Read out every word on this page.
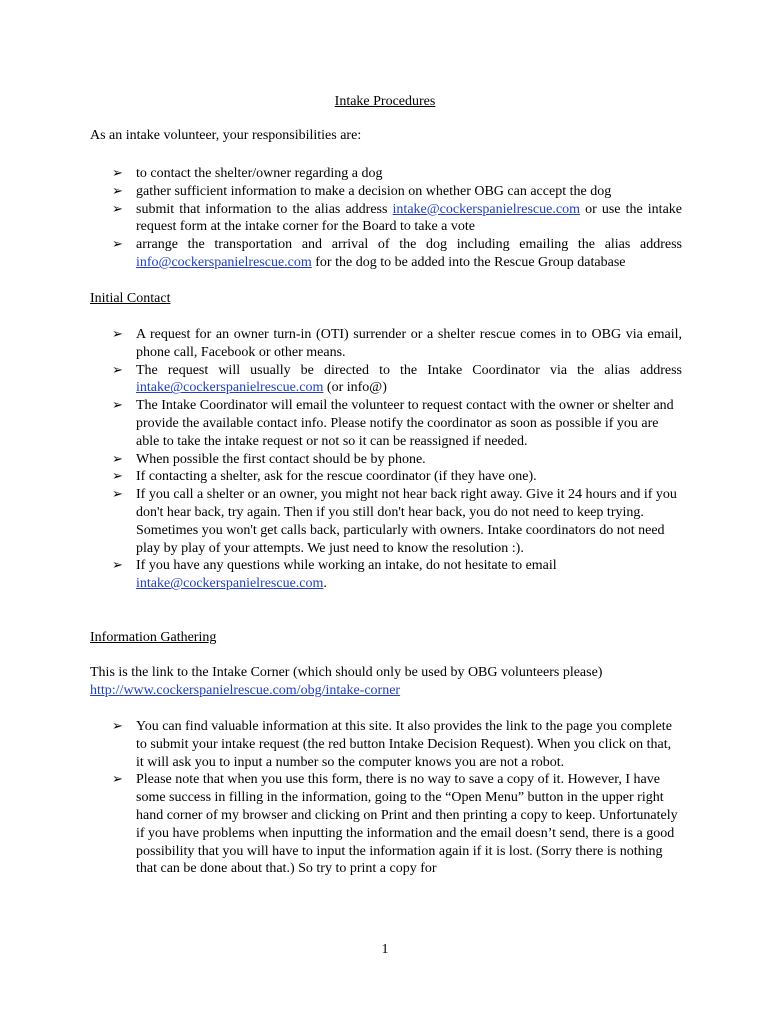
Intake Procedures

As an intake volunteer, your responsibilities are:

➢ to contact the shelter/owner regarding a dog
➢ gather sufficient information to make a decision on whether OBG can accept the dog
➢ submit that information to the alias address intake@cockerspanielrescue.com or use the intake request form at the intake corner for the Board to take a vote
➢ arrange the transportation and arrival of the dog including emailing the alias address info@cockerspanielrescue.com for the dog to be added into the Rescue Group database

Initial Contact

➢ A request for an owner turn-in (OTI) surrender or a shelter rescue comes in to OBG via email, phone call, Facebook or other means.
➢ The request will usually be directed to the Intake Coordinator via the alias address intake@cockerspanielrescue.com (or info@)
➢ The Intake Coordinator will email the volunteer to request contact with the owner or shelter and provide the available contact info. Please notify the coordinator as soon as possible if you are able to take the intake request or not so it can be reassigned if needed.
➢ When possible the first contact should be by phone.
➢ If contacting a shelter, ask for the rescue coordinator (if they have one).
➢ If you call a shelter or an owner, you might not hear back right away. Give it 24 hours and if you don't hear back, try again. Then if you still don't hear back, you do not need to keep trying. Sometimes you won't get calls back, particularly with owners. Intake coordinators do not need play by play of your attempts. We just need to know the resolution :).
➢ If you have any questions while working an intake, do not hesitate to email intake@cockerspanielrescue.com.

Information Gathering

This is the link to the Intake Corner (which should only be used by OBG volunteers please)
http://www.cockerspanielrescue.com/obg/intake-corner

➢ You can find valuable information at this site. It also provides the link to the page you complete to submit your intake request (the red button Intake Decision Request). When you click on that, it will ask you to input a number so the computer knows you are not a robot.
➢ Please note that when you use this form, there is no way to save a copy of it. However, I have some success in filling in the information, going to the “Open Menu” button in the upper right hand corner of my browser and clicking on Print and then printing a copy to keep. Unfortunately if you have problems when inputting the information and the email doesn’t send, there is a good possibility that you will have to input the information again if it is lost. (Sorry there is nothing that can be done about that.) So try to print a copy for
1
